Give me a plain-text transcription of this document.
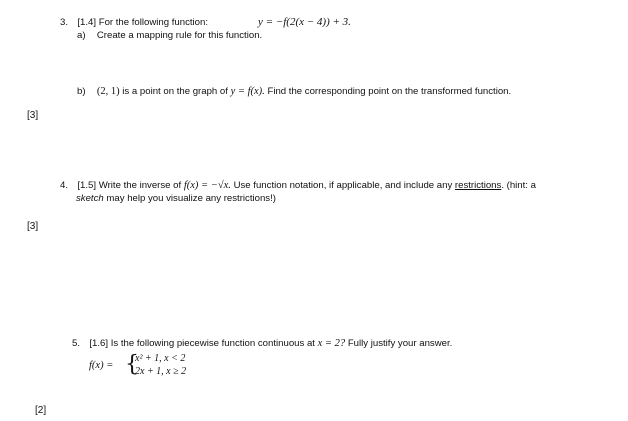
3. [1.4] For the following function:	y = −f(2(x − 4)) + 3.
a) Create a mapping rule for this function.
b) (2, 1) is a point on the graph of y = f(x). Find the corresponding point on the transformed function.
[3]
4. [1.5] Write the inverse of f(x) = −√x. Use function notation, if applicable, and include any restrictions. (hint: a
sketch may help you visualize any restrictions!)
[3]
5. [1.6] Is the following piecewise function continuous at x = 2? Fully justify your answer.
f(x) = {
x² + 1, x < 2
2x + 1, x ≥ 2
[2]
